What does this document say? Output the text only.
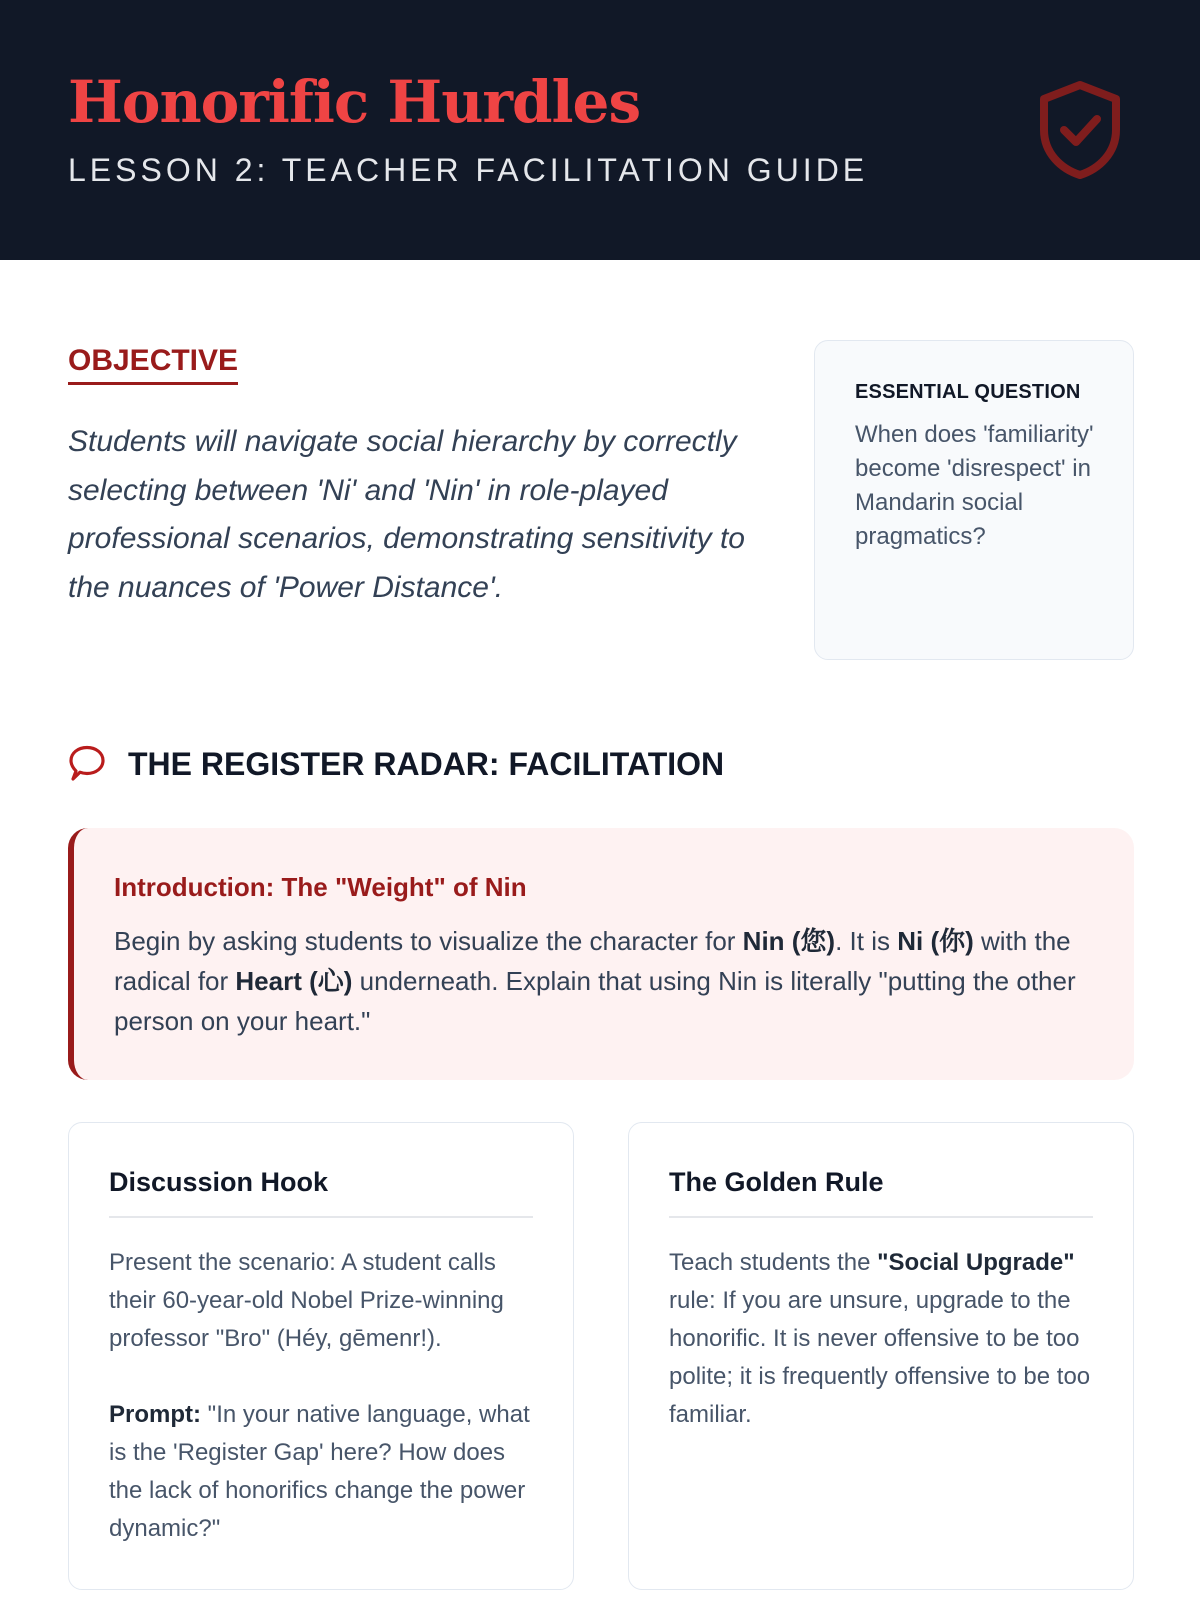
Honorific Hurdles
LESSON 2: TEACHER FACILITATION GUIDE
OBJECTIVE
Students will navigate social hierarchy by correctly selecting between 'Ni' and 'Nin' in role-played professional scenarios, demonstrating sensitivity to the nuances of 'Power Distance'.
ESSENTIAL QUESTION
When does 'familiarity' become 'disrespect' in Mandarin social pragmatics?
THE REGISTER RADAR: FACILITATION
Introduction: The "Weight" of Nin
Begin by asking students to visualize the character for Nin (您). It is Ni (你) with the radical for Heart (心) underneath. Explain that using Nin is literally "putting the other person on your heart."
Discussion Hook
Present the scenario: A student calls their 60-year-old Nobel Prize-winning professor "Bro" (Héy, gēmenr!).
Prompt: "In your native language, what is the 'Register Gap' here? How does the lack of honorifics change the power dynamic?"
The Golden Rule
Teach students the "Social Upgrade" rule: If you are unsure, upgrade to the honorific. It is never offensive to be too polite; it is frequently offensive to be too familiar.
